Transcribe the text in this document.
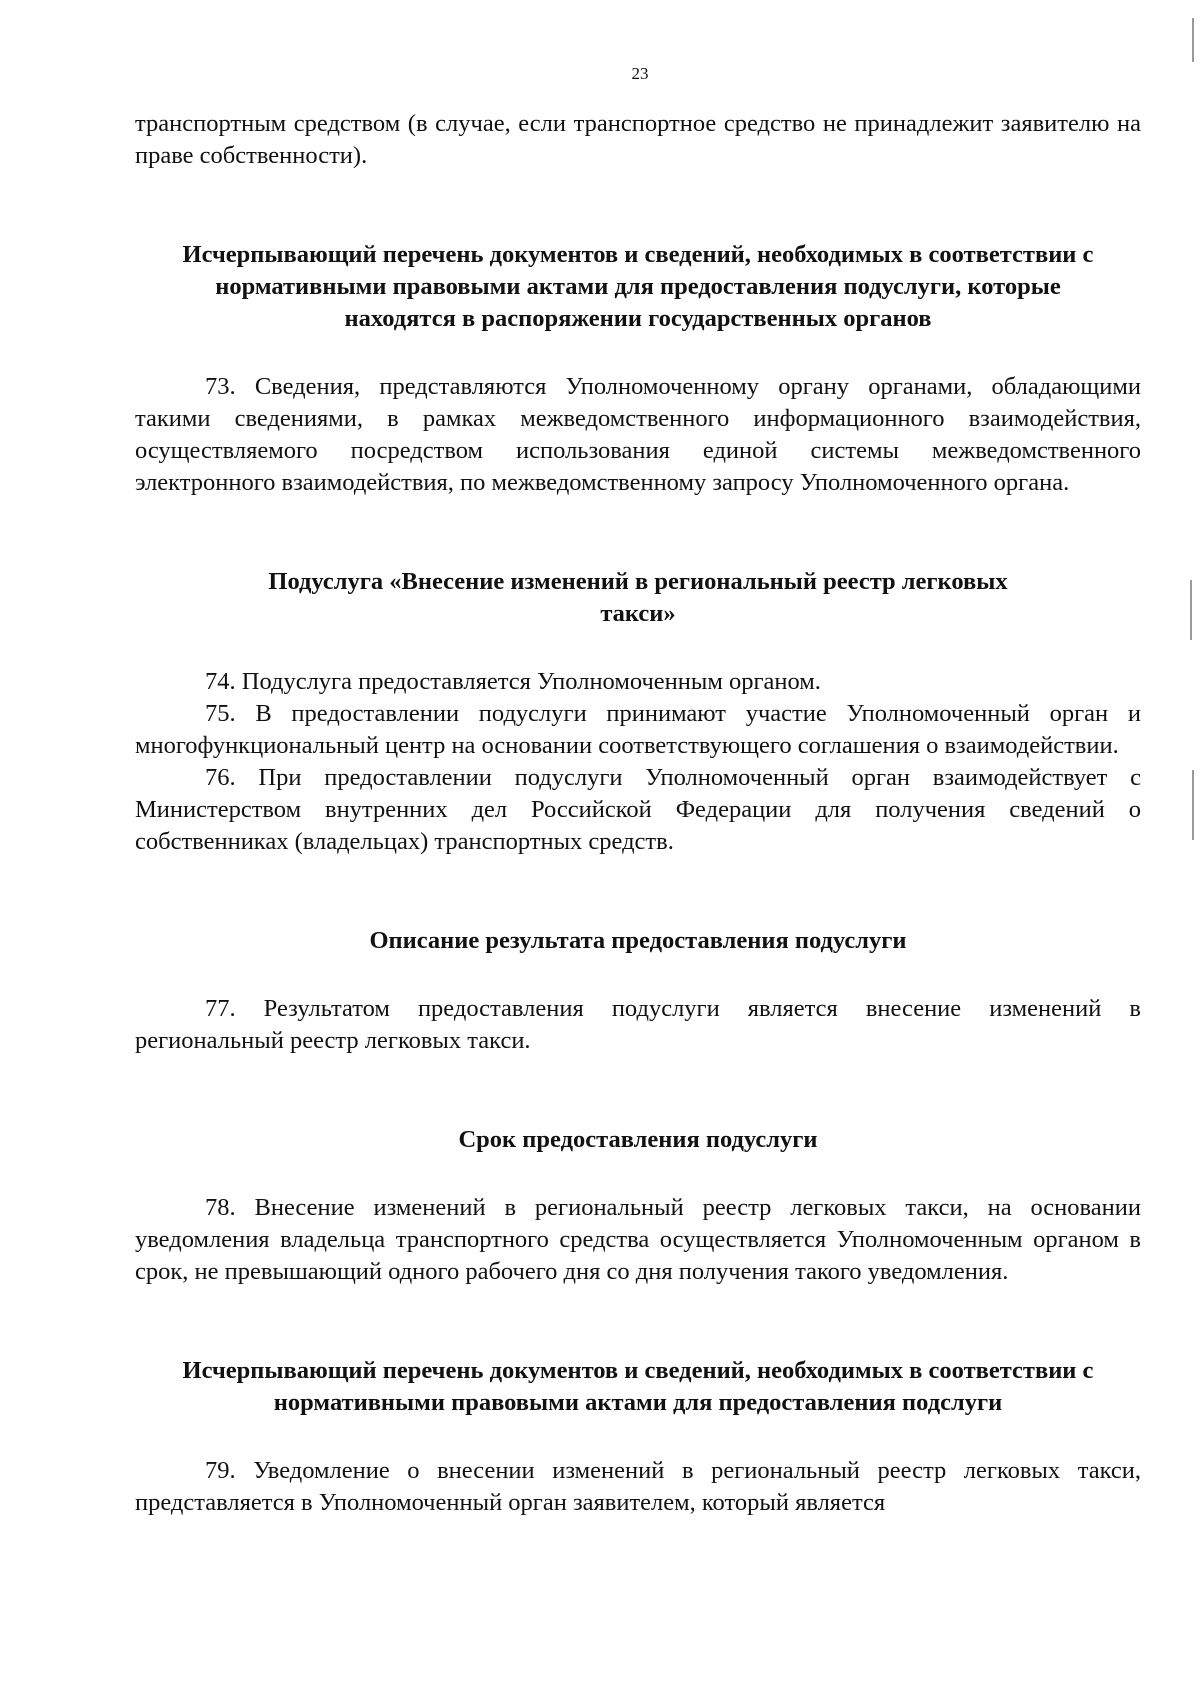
23

транспортным средством (в случае, если транспортное средство не принадлежит заявителю на праве собственности).

Исчерпывающий перечень документов и сведений, необходимых в соответствии с нормативными правовыми актами для предоставления подуслуги, которые находятся в распоряжении государственных органов

73. Сведения, представляются Уполномоченному органу органами, обладающими такими сведениями, в рамках межведомственного информационного взаимодействия, осуществляемого посредством использования единой системы межведомственного электронного взаимодействия, по межведомственному запросу Уполномоченного органа.

Подуслуга «Внесение изменений в региональный реестр легковых такси»

74. Подуслуга предоставляется Уполномоченным органом.

75. В предоставлении подуслуги принимают участие Уполномоченный орган и многофункциональный центр на основании соответствующего соглашения о взаимодействии.

76. При предоставлении подуслуги Уполномоченный орган взаимодействует с Министерством внутренних дел Российской Федерации для получения сведений о собственниках (владельцах) транспортных средств.

Описание результата предоставления подуслуги

77. Результатом предоставления подуслуги является внесение изменений в региональный реестр легковых такси.

Срок предоставления подуслуги

78. Внесение изменений в региональный реестр легковых такси, на основании уведомления владельца транспортного средства осуществляется Уполномоченным органом в срок, не превышающий одного рабочего дня со дня получения такого уведомления.

Исчерпывающий перечень документов и сведений, необходимых в соответствии с нормативными правовыми актами для предоставления подслуги

79. Уведомление о внесении изменений в региональный реестр легковых такси, представляется в Уполномоченный орган заявителем, который является
